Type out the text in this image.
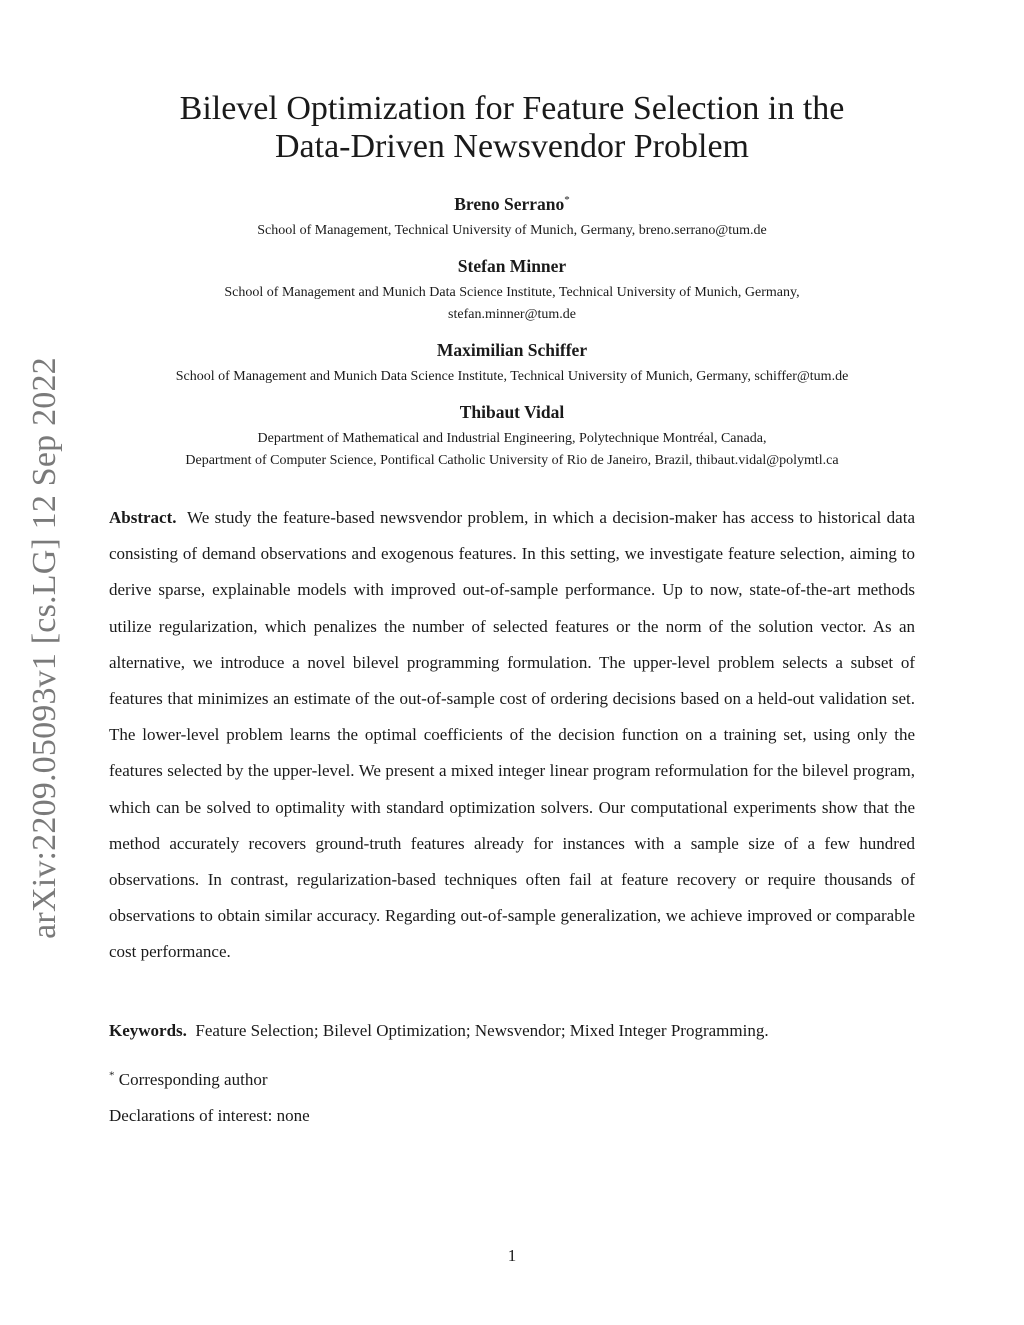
arXiv:2209.05093v1 [cs.LG] 12 Sep 2022
Bilevel Optimization for Feature Selection in the
Data-Driven Newsvendor Problem
Breno Serrano*
School of Management, Technical University of Munich, Germany, breno.serrano@tum.de
Stefan Minner
School of Management and Munich Data Science Institute, Technical University of Munich, Germany,
stefan.minner@tum.de
Maximilian Schiffer
School of Management and Munich Data Science Institute, Technical University of Munich, Germany, schiffer@tum.de
Thibaut Vidal
Department of Mathematical and Industrial Engineering, Polytechnique Montréal, Canada,
Department of Computer Science, Pontifical Catholic University of Rio de Janeiro, Brazil, thibaut.vidal@polymtl.ca
Abstract. We study the feature-based newsvendor problem, in which a decision-maker has access to historical data consisting of demand observations and exogenous features. In this setting, we investigate feature selection, aiming to derive sparse, explainable models with improved out-of-sample performance. Up to now, state-of-the-art methods utilize regularization, which penalizes the number of selected features or the norm of the solution vector. As an alternative, we introduce a novel bilevel programming formulation. The upper-level problem selects a subset of features that minimizes an estimate of the out-of-sample cost of ordering decisions based on a held-out validation set. The lower-level problem learns the optimal coefficients of the decision function on a training set, using only the features selected by the upper-level. We present a mixed integer linear program reformulation for the bilevel program, which can be solved to optimality with standard optimization solvers. Our computational experiments show that the method accurately recovers ground-truth features already for instances with a sample size of a few hundred observations. In contrast, regularization-based techniques often fail at feature recovery or require thousands of observations to obtain similar accuracy. Regarding out-of-sample generalization, we achieve improved or comparable cost performance.
Keywords. Feature Selection; Bilevel Optimization; Newsvendor; Mixed Integer Programming.
* Corresponding author
Declarations of interest: none
1
